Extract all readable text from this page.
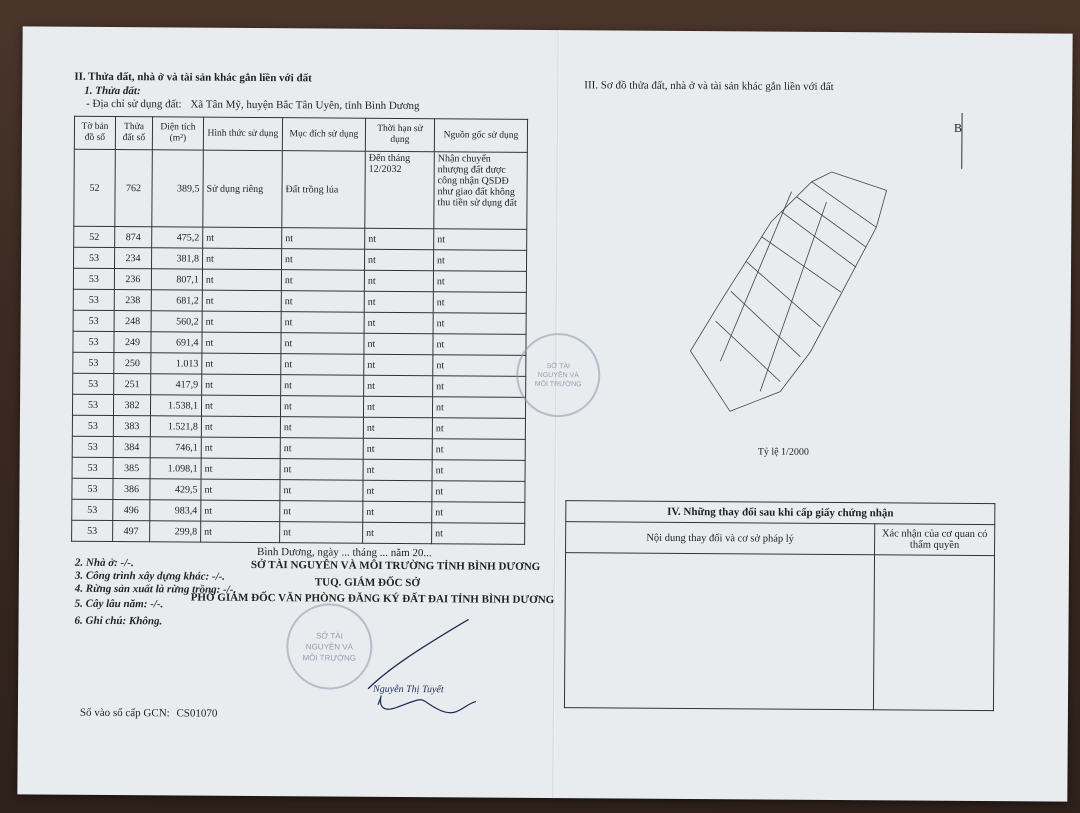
II. Thửa đất, nhà ở và tài sản khác gắn liền với đất
1. Thửa đất:
- Địa chỉ sử dụng đất: Xã Tân Mỹ, huyện Bắc Tân Uyên, tỉnh Bình Dương
Tờ bản đồ số	Thửa đất số	Diện tích (m²)	Hình thức sử dụng	Mục đích sử dụng	Thời hạn sử dụng	Nguồn gốc sử dụng
52	762	389,5	Sử dụng riêng	Đất trồng lúa	Đến tháng 12/2032	Nhận chuyển nhượng đất được công nhận QSDĐ như giao đất không thu tiền sử dụng đất
52	874	475,2	nt	nt	nt	nt
53	234	381,8	nt	nt	nt	nt
53	236	807,1	nt	nt	nt	nt
53	238	681,2	nt	nt	nt	nt
53	248	560,2	nt	nt	nt	nt
53	249	691,4	nt	nt	nt	nt
53	250	1.013	nt	nt	nt	nt
53	251	417,9	nt	nt	nt	nt
53	382	1.538,1	nt	nt	nt	nt
53	383	1.521,8	nt	nt	nt	nt
53	384	746,1	nt	nt	nt	nt
53	385	1.098,1	nt	nt	nt	nt
53	386	429,5	nt	nt	nt	nt
53	496	983,4	nt	nt	nt	nt
53	497	299,8	nt	nt	nt	nt
Bình Dương, ngày ... tháng ... năm 20...
2. Nhà ở: -/-.	SỞ TÀI NGUYÊN VÀ MÔI TRƯỜNG TỈNH BÌNH DƯƠNG
3. Công trình xây dựng khác: -/-.	TUQ. GIÁM ĐỐC SỞ
4. Rừng sản xuất là rừng trồng: -/-.
PHÓ GIÁM ĐỐC VĂN PHÒNG ĐĂNG KÝ ĐẤT ĐAI TỈNH BÌNH DƯƠNG
5. Cây lâu năm: -/-.
6. Ghi chú: Không.
SỞ TÀI NGUYÊN VÀ MÔI TRƯỜNG
Nguyễn Thị Tuyết
Số vào sổ cấp GCN: CS01070
SỞ TÀI NGUYÊN VÀ MÔI TRƯỜNG
III. Sơ đồ thửa đất, nhà ở và tài sản khác gắn liền với đất
B
Tỷ lệ 1/2000
IV. Những thay đổi sau khi cấp giấy chứng nhận	
Nội dung thay đổi và cơ sở pháp lý	Xác nhận của cơ quan có thẩm quyền
